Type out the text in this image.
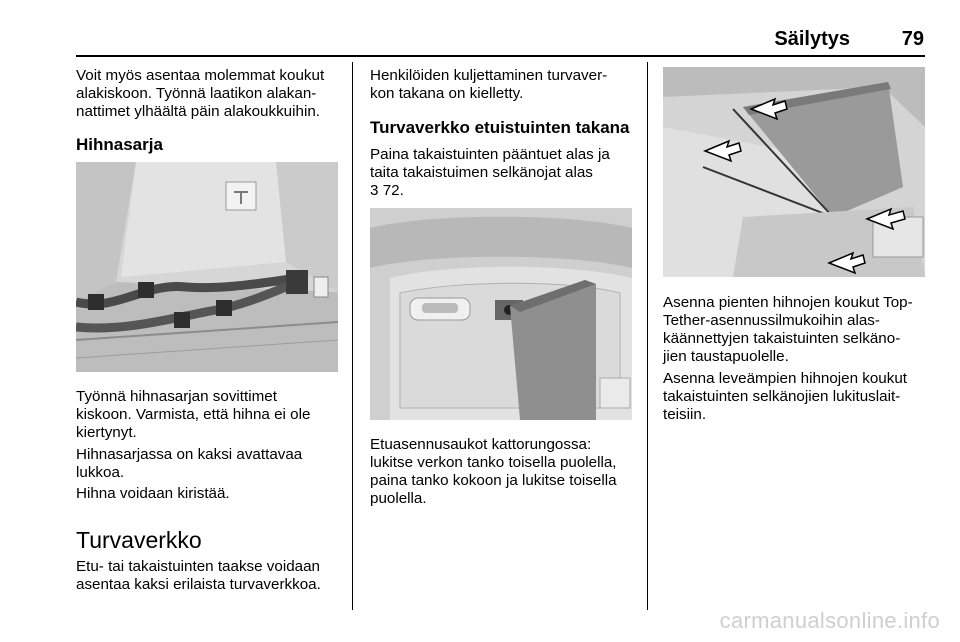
Säilytys	79
Voit myös asentaa molemmat koukut
alakiskoon. Työnnä laatikon alakan-
nattimet ylhäältä päin alakoukkuihin.
Hihnasarja
Työnnä hihnasarjan sovittimet
kiskoon. Varmista, että hihna ei ole
kiertynyt.
Hihnasarjassa on kaksi avattavaa
lukkoa.
Hihna voidaan kiristää.
Turvaverkko
Etu- tai takaistuinten taakse voidaan
asentaa kaksi erilaista turvaverkkoa.
Henkilöiden kuljettaminen turvaver-
kon takana on kielletty.
Turvaverkko etuistuinten takana
Paina takaistuinten pääntuet alas ja
taita takaistuimen selkänojat alas
3 72.
Etuasennusaukot kattorungossa:
lukitse verkon tanko toisella puolella,
paina tanko kokoon ja lukitse toisella
puolella.
Asenna pienten hihnojen koukut Top-
Tether-asennussilmukoihin alas-
käännettyjen takaistuinten selkäno-
jien taustapuolelle.
Asenna leveämpien hihnojen koukut
takaistuinten selkänojien lukituslait-
teisiin.
carmanualsonline.info
